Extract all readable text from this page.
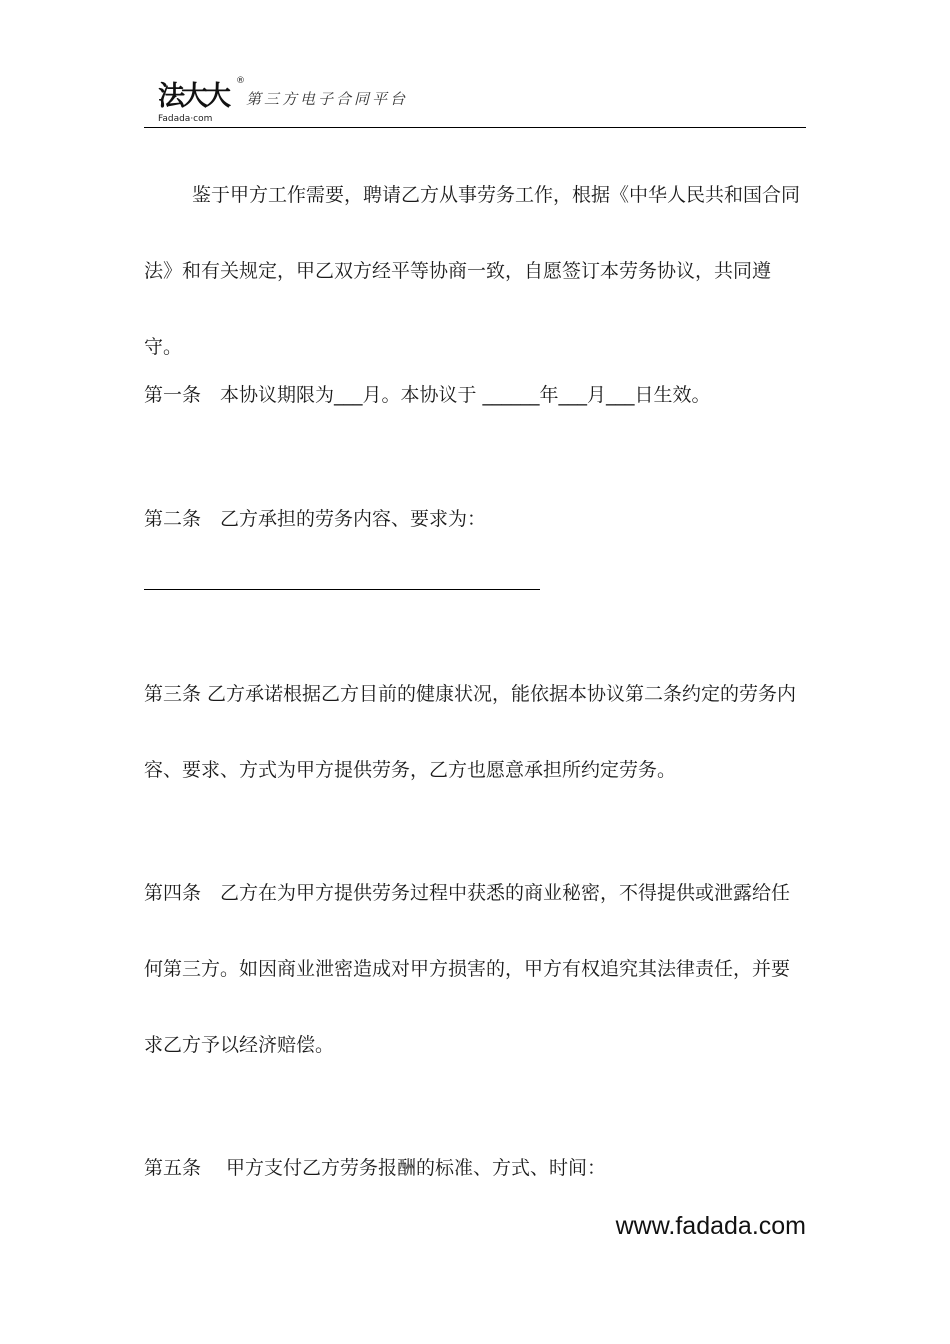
法大大
Fadada·com
®
第三方电子合同平台

鉴于甲方工作需要，聘请乙方从事劳务工作，根据《中华人民共和国合同法》和有关规定，甲乙双方经平等协商一致，自愿签订本劳务协议，共同遵守。

第一条　本协议期限为___月。本协议于 ______年___月___日生效。

第二条　乙方承担的劳务内容、要求为：

第三条 乙方承诺根据乙方目前的健康状况，能依据本协议第二条约定的劳务内容、要求、方式为甲方提供劳务，乙方也愿意承担所约定劳务。

第四条　乙方在为甲方提供劳务过程中获悉的商业秘密，不得提供或泄露给任何第三方。如因商业泄密造成对甲方损害的，甲方有权追究其法律责任，并要求乙方予以经济赔偿。

第五条　 甲方支付乙方劳务报酬的标准、方式、时间：

www.fadada.com
